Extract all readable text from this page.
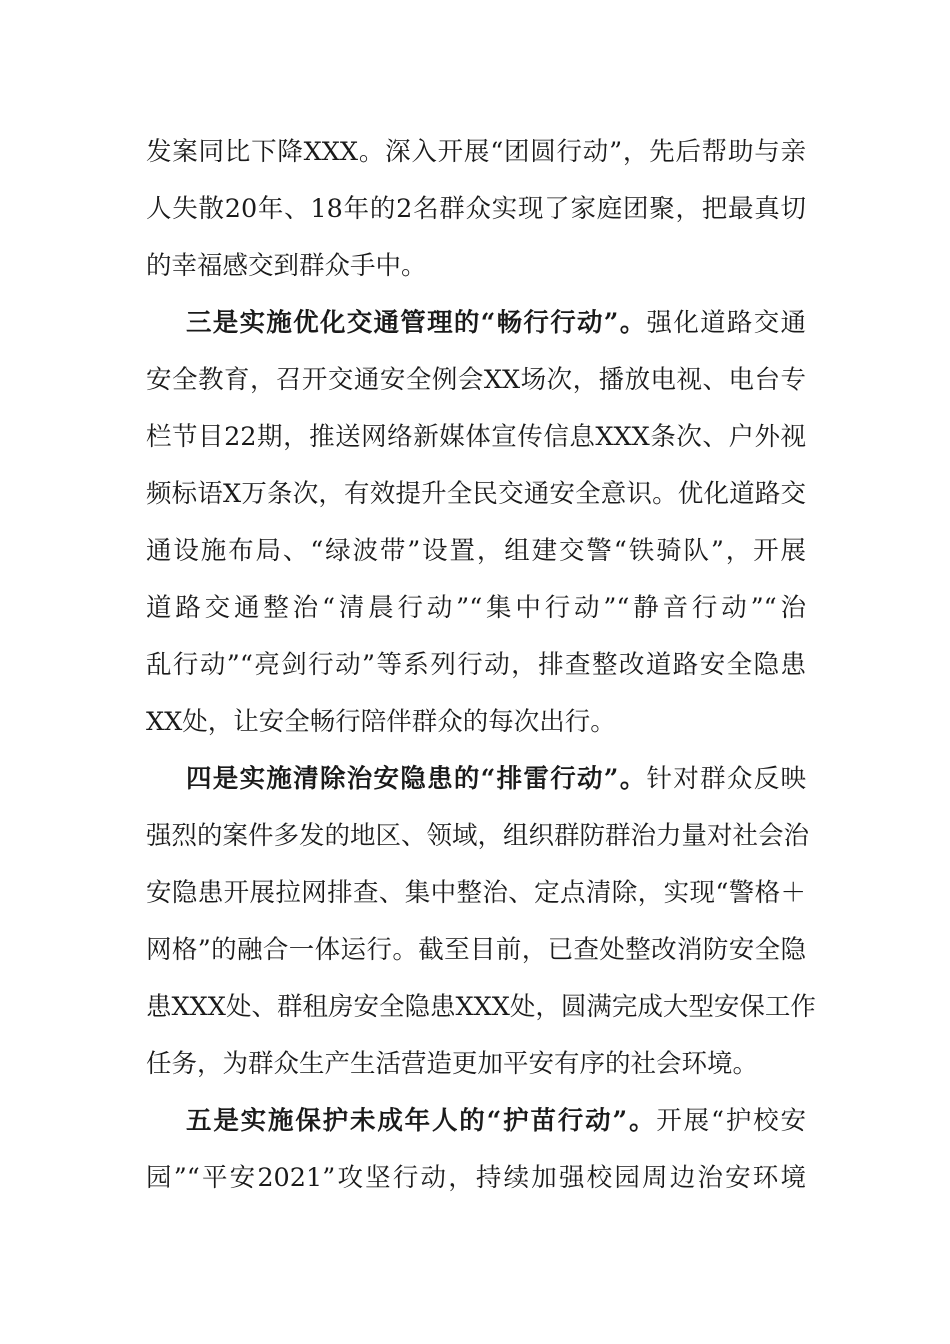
发案同比下降XXX。深入开展“团圆行动”，先后帮助与亲
人失散20年、18年的2名群众实现了家庭团聚，把最真切
的幸福感交到群众手中。
三是实施优化交通管理的“畅行行动”。强化道路交通
安全教育，召开交通安全例会XX场次，播放电视、电台专
栏节目22期，推送网络新媒体宣传信息XXX条次、户外视
频标语X万条次，有效提升全民交通安全意识。优化道路交
通设施布局、“绿波带”设置，组建交警“铁骑队”，开展
道路交通整治“清晨行动”“集中行动”“静音行动”“治
乱行动”“亮剑行动”等系列行动，排查整改道路安全隐患
XX处，让安全畅行陪伴群众的每次出行。
四是实施清除治安隐患的“排雷行动”。针对群众反映
强烈的案件多发的地区、领域，组织群防群治力量对社会治
安隐患开展拉网排查、集中整治、定点清除，实现“警格＋
网格”的融合一体运行。截至目前，已查处整改消防安全隐
患XXX处、群租房安全隐患XXX处，圆满完成大型安保工作
任务，为群众生产生活营造更加平安有序的社会环境。
五是实施保护未成年人的“护苗行动”。开展“护校安
园”“平安2021”攻坚行动，持续加强校园周边治安环境
